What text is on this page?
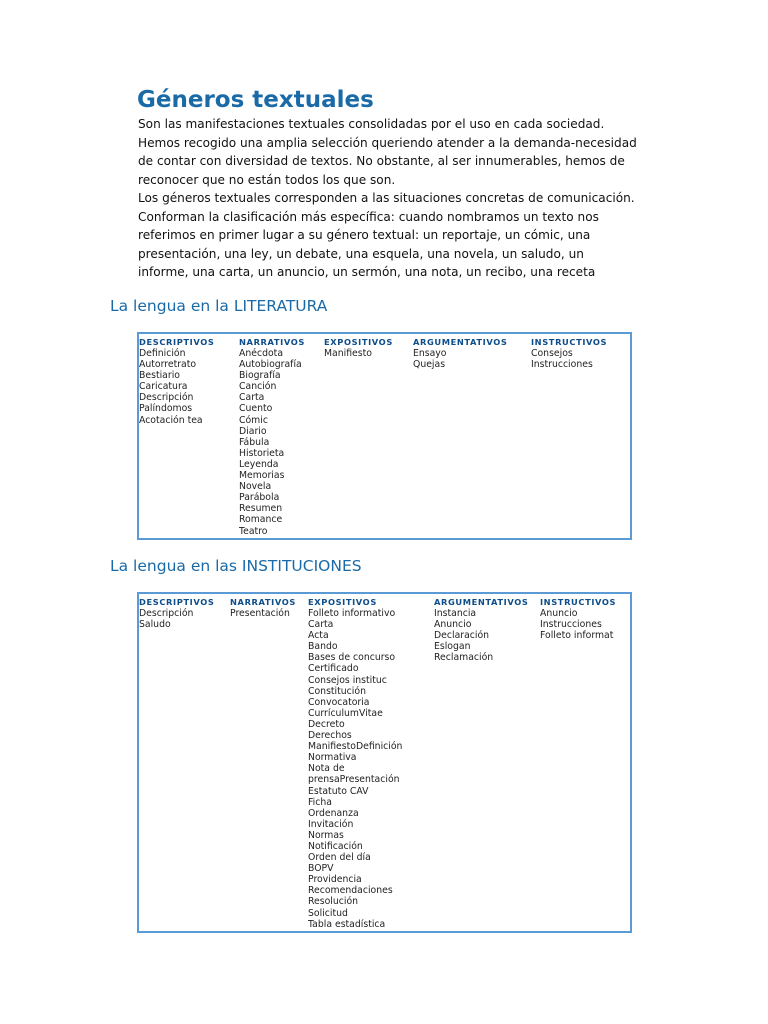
Géneros textuales

Son las manifestaciones textuales consolidadas por el uso en cada sociedad. Hemos recogido una amplia selección queriendo atender a la demanda-necesidad de contar con diversidad de textos. No obstante, al ser innumerables, hemos de reconocer que no están todos los que son.

Los géneros textuales corresponden a las situaciones concretas de comunicación. Conforman la clasificación más específica: cuando nombramos un texto nos referimos en primer lugar a su género textual: un reportaje, un cómic, una presentación, una ley, un debate, una esquela, una novela, un saludo, un informe, una carta, un anuncio, un sermón, una nota, un recibo, una receta

La lengua en la LITERATURA
DESCRIPTIVOS
Definición
Autorretrato
Bestiario
Caricatura
Descripción
Palíndomos
Acotación tea
NARRATIVOS
Anécdota
Autobiografía
Biografía
Canción
Carta
Cuento
Cómic
Diario
Fábula
Historieta
Leyenda
Memorias
Novela
Parábola
Resumen
Romance
Teatro
EXPOSITIVOS
Manifiesto
ARGUMENTATIVOS
Ensayo
Quejas
INSTRUCTIVOS
Consejos
Instrucciones
La lengua en las INSTITUCIONES
DESCRIPTIVOS
Descripción
Saludo
NARRATIVOS
Presentación
EXPOSITIVOS
Folleto informativo
Carta
Acta
Bando
Bases de concurso
Certificado
Consejos instituc
Constitución
Convocatoria
CurrículumVitae
Decreto
Derechos
ManifiestoDefinición
Normativa
Nota de
prensaPresentación
Estatuto CAV
Ficha
Ordenanza
Invitación
Normas
Notificación
Orden del día
BOPV
Providencia
Recomendaciones
Resolución
Solicitud
Tabla estadística
ARGUMENTATIVOS
Instancia
Anuncio
Declaración
Eslogan
Reclamación
INSTRUCTIVOS
Anuncio
Instrucciones
Folleto informat
